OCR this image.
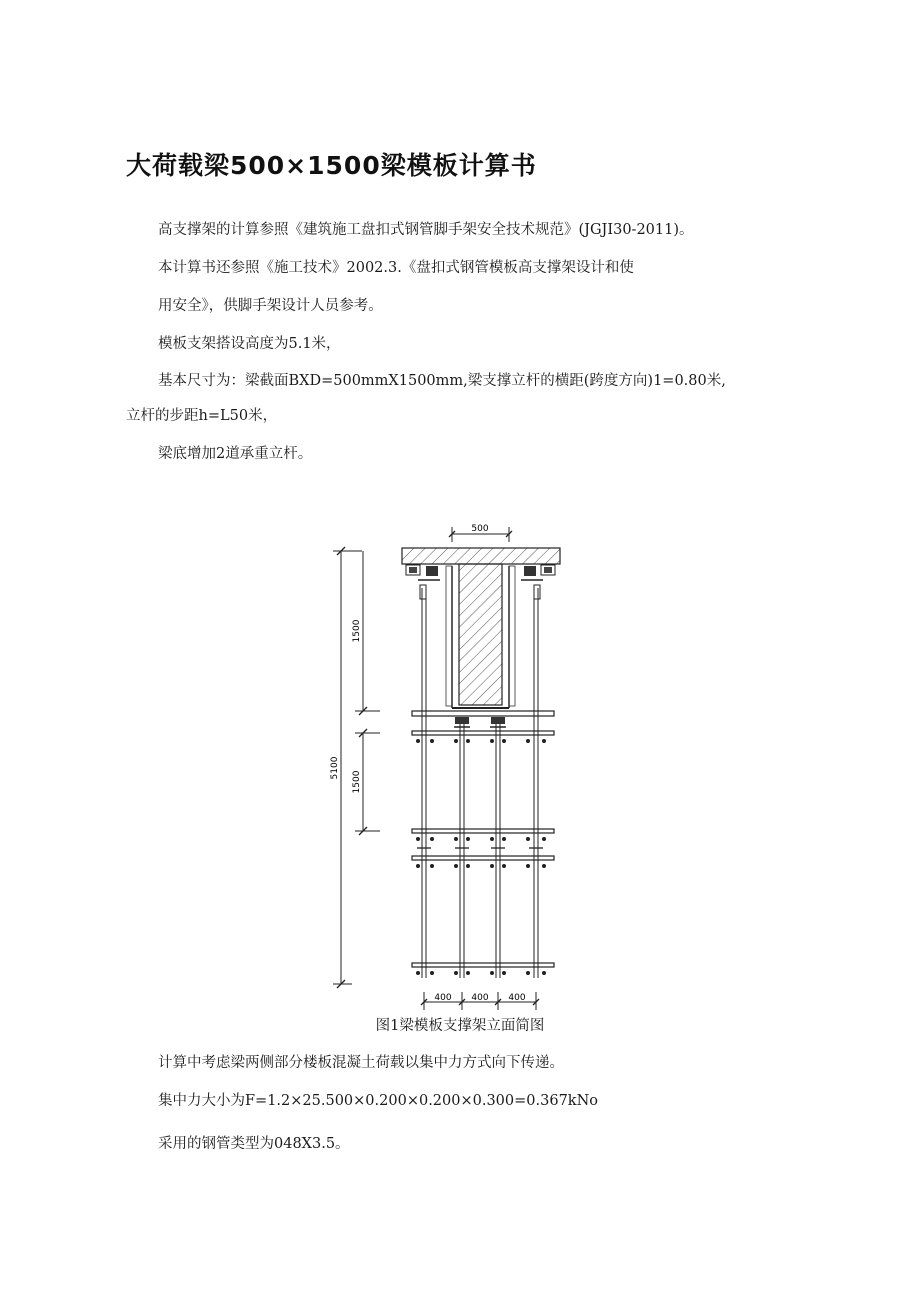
大荷载梁500×1500梁模板计算书
高支撑架的计算参照《建筑施工盘扣式钢管脚手架安全技术规范》(JGJI30-2011)。
本计算书还参照《施工技术》2002.3.《盘扣式钢管模板高支撑架设计和使
用安全》，供脚手架设计人员参考。
模板支架搭设高度为5.1米，
基本尺寸为：梁截面BXD=500mmX1500mm,梁支撑立杆的横距(跨度方向)1=0.80米,
立杆的步距h=L50米，
梁底增加2道承重立杆。
500
5100
1500
1500
400 400 400
图1梁模板支撑架立面简图
计算中考虑梁两侧部分楼板混凝土荷载以集中力方式向下传递。
集中力大小为F=1.2×25.500×0.200×0.200×0.300=0.367kNo
采用的钢管类型为048X3.5。
